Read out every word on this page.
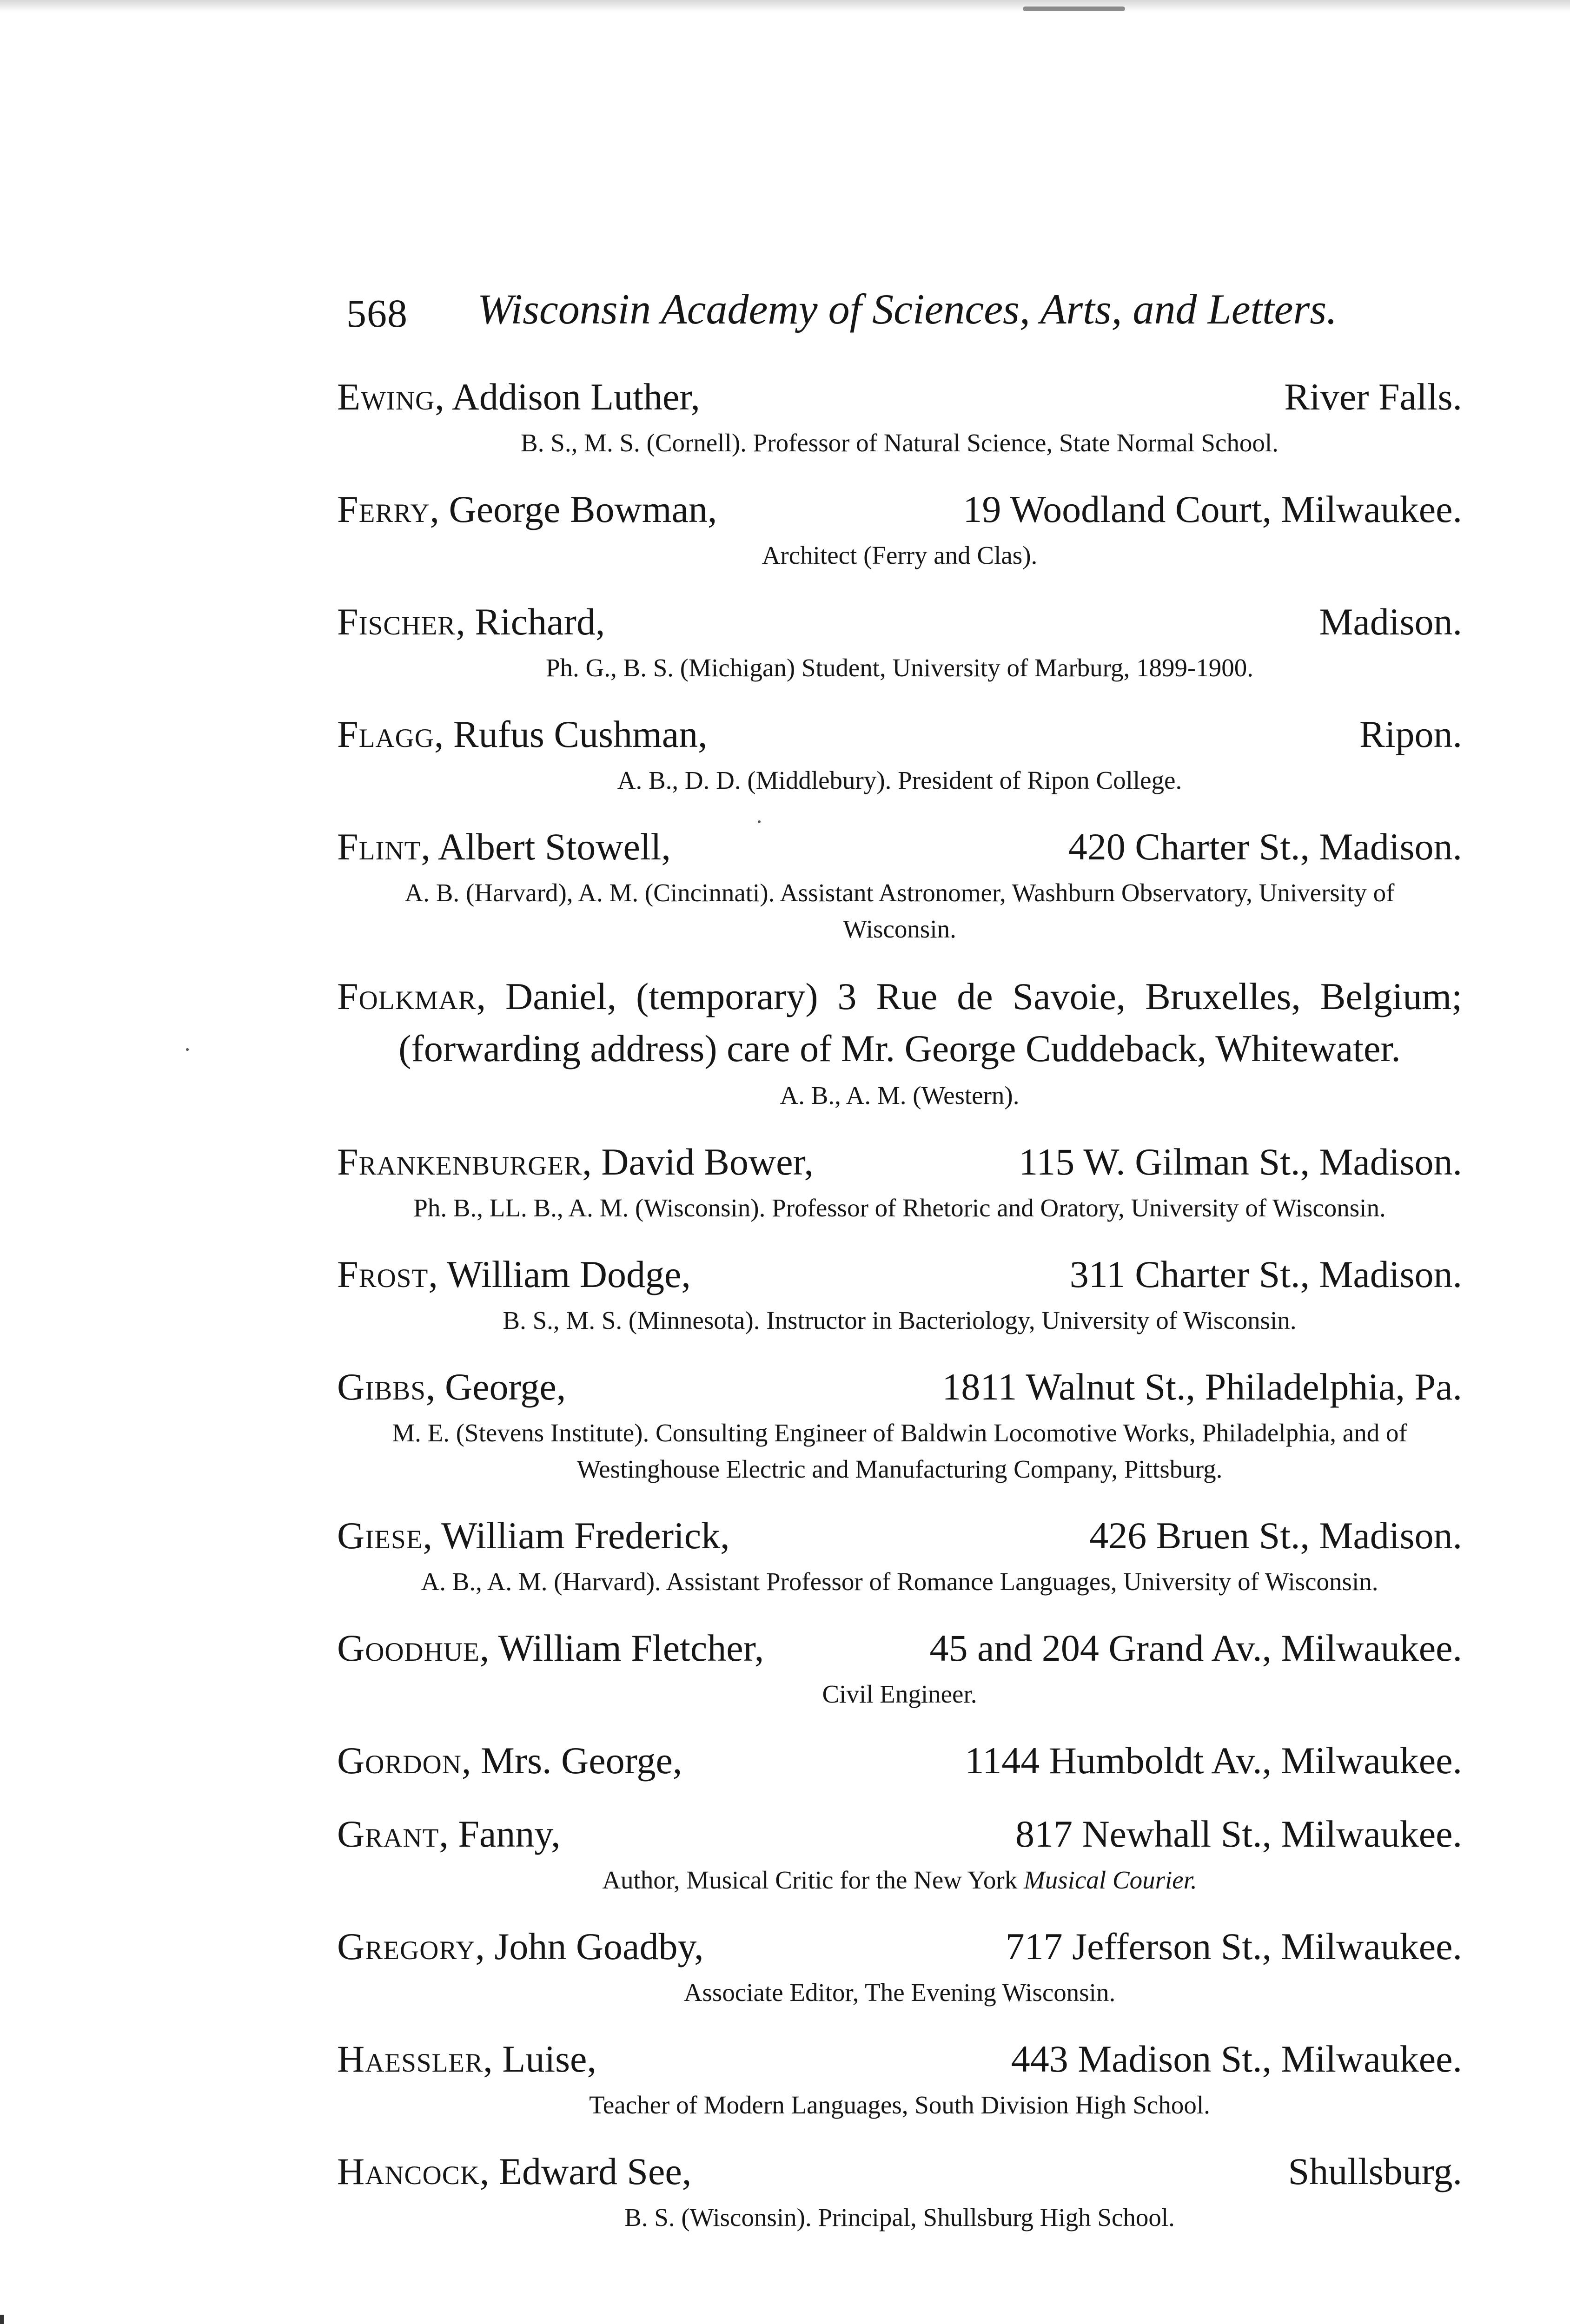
568 Wisconsin Academy of Sciences, Arts, and Letters.
Ewing, Addison Luther,	River Falls.
B. S., M. S. (Cornell). Professor of Natural Science, State Normal School.
Ferry, George Bowman,	19 Woodland Court, Milwaukee.
Architect (Ferry and Clas).
Fischer, Richard,	Madison.
Ph. G., B. S. (Michigan) Student, University of Marburg, 1899-1900.
Flagg, Rufus Cushman,	Ripon.
A. B., D. D. (Middlebury). President of Ripon College.
Flint, Albert Stowell,	420 Charter St., Madison.
A. B. (Harvard), A. M. (Cincinnati). Assistant Astronomer, Washburn Observatory, University of Wisconsin.
Folkmar, Daniel, (temporary) 3 Rue de Savoie, Bruxelles, Belgium; (forwarding address) care of Mr. George Cuddeback, Whitewater.
A. B., A. M. (Western).
Frankenburger, David Bower,	115 W. Gilman St., Madison.
Ph. B., LL. B., A. M. (Wisconsin). Professor of Rhetoric and Oratory, University of Wisconsin.
Frost, William Dodge,	311 Charter St., Madison.
B. S., M. S. (Minnesota). Instructor in Bacteriology, University of Wisconsin.
Gibbs, George,	1811 Walnut St., Philadelphia, Pa.
M. E. (Stevens Institute). Consulting Engineer of Baldwin Locomotive Works, Philadelphia, and of Westinghouse Electric and Manufacturing Company, Pittsburg.
Giese, William Frederick,	426 Bruen St., Madison.
A. B., A. M. (Harvard). Assistant Professor of Romance Languages, University of Wisconsin.
Goodhue, William Fletcher,	45 and 204 Grand Av., Milwaukee.
Civil Engineer.
Gordon, Mrs. George,	1144 Humboldt Av., Milwaukee.
Grant, Fanny,	817 Newhall St., Milwaukee.
Author, Musical Critic for the New York Musical Courier.
Gregory, John Goadby,	717 Jefferson St., Milwaukee.
Associate Editor, The Evening Wisconsin.
Haessler, Luise,	443 Madison St., Milwaukee.
Teacher of Modern Languages, South Division High School.
Hancock, Edward See,	Shullsburg.
B. S. (Wisconsin). Principal, Shullsburg High School.
